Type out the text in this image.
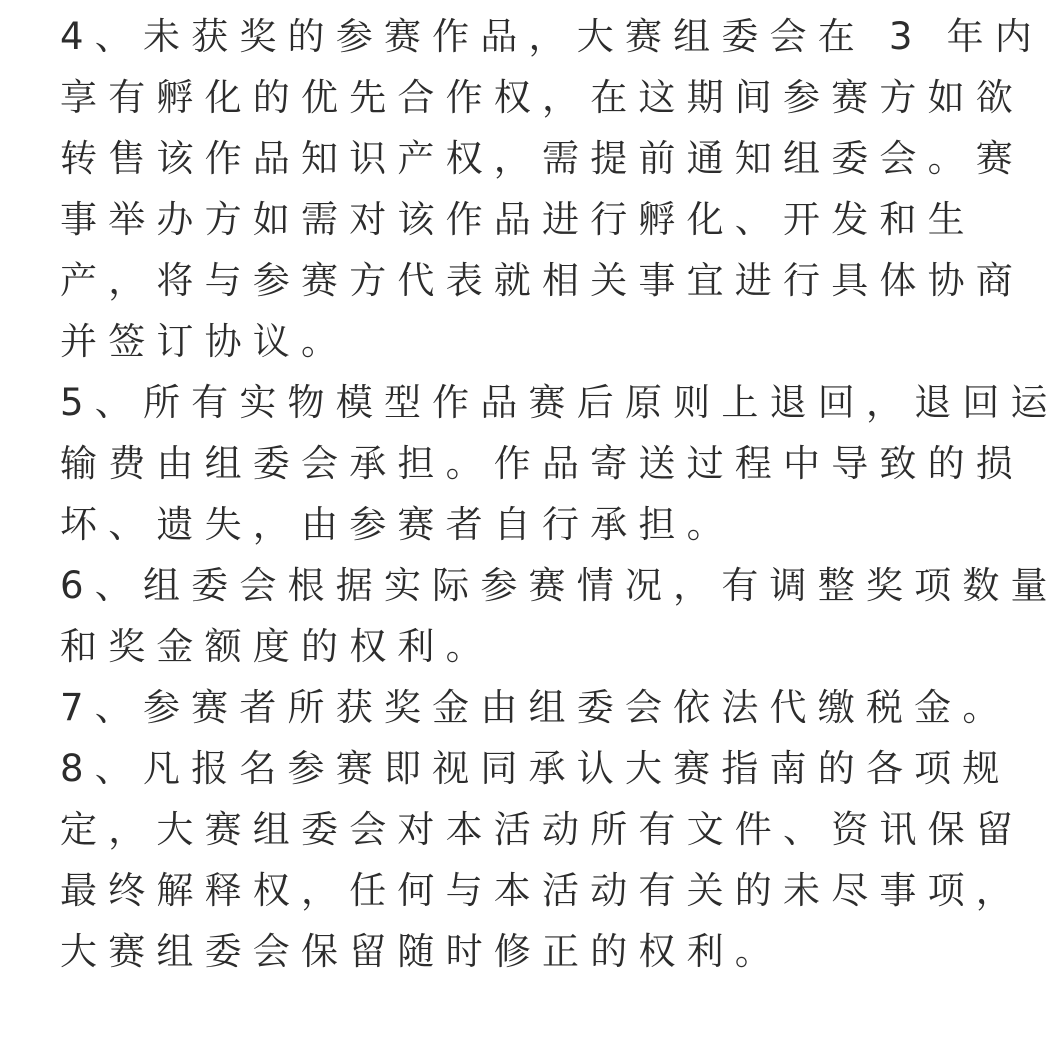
4、未获奖的参赛作品，大赛组委会在 3 年内
享有孵化的优先合作权，在这期间参赛方如欲
转售该作品知识产权，需提前通知组委会。赛
事举办方如需对该作品进行孵化、开发和生
产，将与参赛方代表就相关事宜进行具体协商
并签订协议。
5、所有实物模型作品赛后原则上退回，退回运
输费由组委会承担。作品寄送过程中导致的损
坏、遗失，由参赛者自行承担。
6、组委会根据实际参赛情况，有调整奖项数量
和奖金额度的权利。
7、参赛者所获奖金由组委会依法代缴税金。
8、凡报名参赛即视同承认大赛指南的各项规
定，大赛组委会对本活动所有文件、资讯保留
最终解释权，任何与本活动有关的未尽事项，
大赛组委会保留随时修正的权利。
